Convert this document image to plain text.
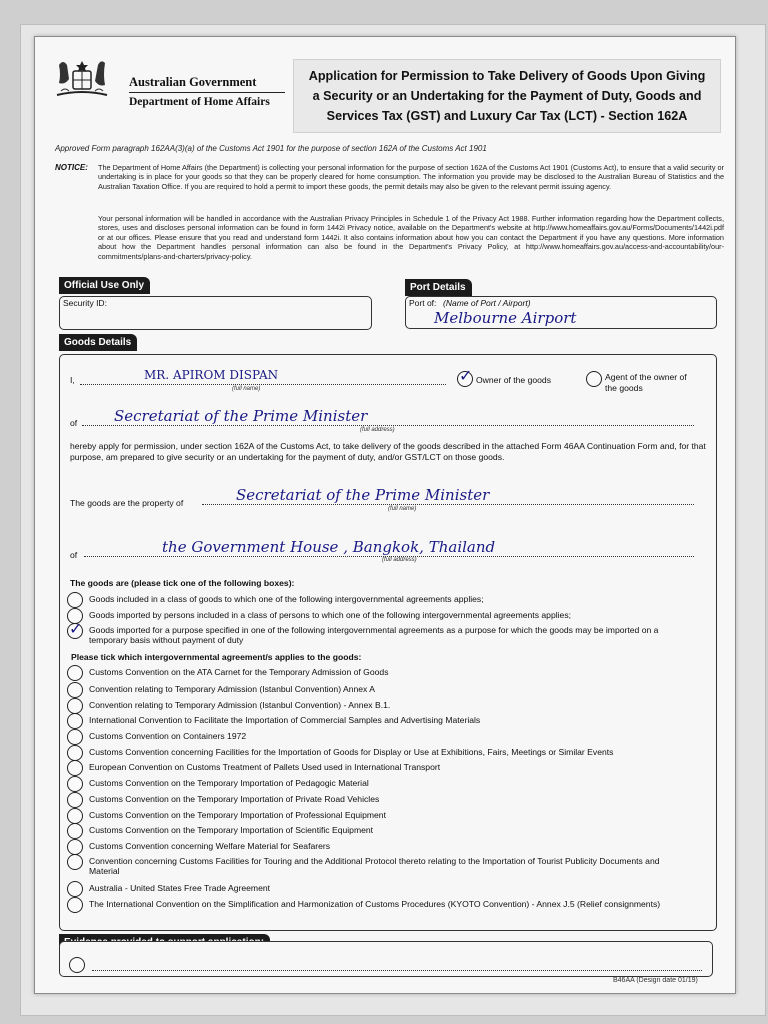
Australian Government
Department of Home Affairs
Application for Permission to Take Delivery of Goods Upon Giving a Security or an Undertaking for the Payment of Duty, Goods and Services Tax (GST) and Luxury Car Tax (LCT) - Section 162A
Approved Form paragraph 162AA(3)(a) of the Customs Act 1901 for the purpose of section 162A of the Customs Act 1901
NOTICE: The Department of Home Affairs (the Department) is collecting your personal information for the purpose of section 162A of the Customs Act 1901 (Customs Act), to ensure that a valid security or undertaking is in place for your goods so that they can be properly cleared for home consumption. The information you provide may be disclosed to the Australian Bureau of Statistics and the Australian Taxation Office. If you are required to hold a permit to import these goods, the permit details may also be given to the relevant permit issuing agency.
Your personal information will be handled in accordance with the Australian Privacy Principles in Schedule 1 of the Privacy Act 1988. Further information regarding how the Department collects, stores, uses and discloses personal information can be found in form 1442i Privacy notice, available on the Department's website at http://www.homeaffairs.gov.au/Forms/Documents/1442i.pdf or at our offices. Please ensure that you read and understand form 1442i. It also contains information about how you can contact the Department if you have any questions. More information about how the Department handles personal information can also be found in the Department's Privacy Policy, at http://www.homeaffairs.gov.au/access-and-accountability/our-commitments/plans-and-charters/privacy-policy.
Official Use Only
Security ID:
Port Details
Port of: (Name of Port / Airport)
Melbourne Airport
Goods Details
I,	MR. APIROM DISPAN
(full name)
✓ Owner of the goods	Agent of the owner of the goods
of Secretariat of the Prime Minister
(full address)
hereby apply for permission, under section 162A of the Customs Act, to take delivery of the goods described in the attached Form 46AA Continuation Form and, for that purpose, am prepared to give security or an undertaking for the payment of duty, and/or GST/LCT on those goods.
The goods are the property of	Secretariat of the Prime Minister
(full name)
of	the Government House , Bangkok, Thailand
(full address)
The goods are (please tick one of the following boxes):
Goods included in a class of goods to which one of the following intergovernmental agreements applies;
Goods imported by persons included in a class of persons to which one of the following intergovernmental agreements applies;
✓ Goods imported for a purpose specified in one of the following intergovernmental agreements as a purpose for which the goods may be imported on a temporary basis without payment of duty
Please tick which intergovernmental agreement/s applies to the goods:
Customs Convention on the ATA Carnet for the Temporary Admission of Goods
Convention relating to Temporary Admission (Istanbul Convention) Annex A
Convention relating to Temporary Admission (Istanbul Convention) - Annex B.1.
International Convention to Facilitate the Importation of Commercial Samples and Advertising Materials
Customs Convention on Containers 1972
Customs Convention concerning Facilities for the Importation of Goods for Display or Use at Exhibitions, Fairs, Meetings or Similar Events
European Convention on Customs Treatment of Pallets Used used in International Transport
Customs Convention on the Temporary Importation of Pedagogic Material
Customs Convention on the Temporary Importation of Private Road Vehicles
Customs Convention on the Temporary Importation of Professional Equipment
Customs Convention on the Temporary Importation of Scientific Equipment
Customs Convention concerning Welfare Material for Seafarers
Convention concerning Customs Facilities for Touring and the Additional Protocol thereto relating to the Importation of Tourist Publicity Documents and Material
Australia - United States Free Trade Agreement
The International Convention on the Simplification and Harmonization of Customs Procedures (KYOTO Convention) - Annex J.5 (Relief consignments)
B46AA (Design date 01/19)
